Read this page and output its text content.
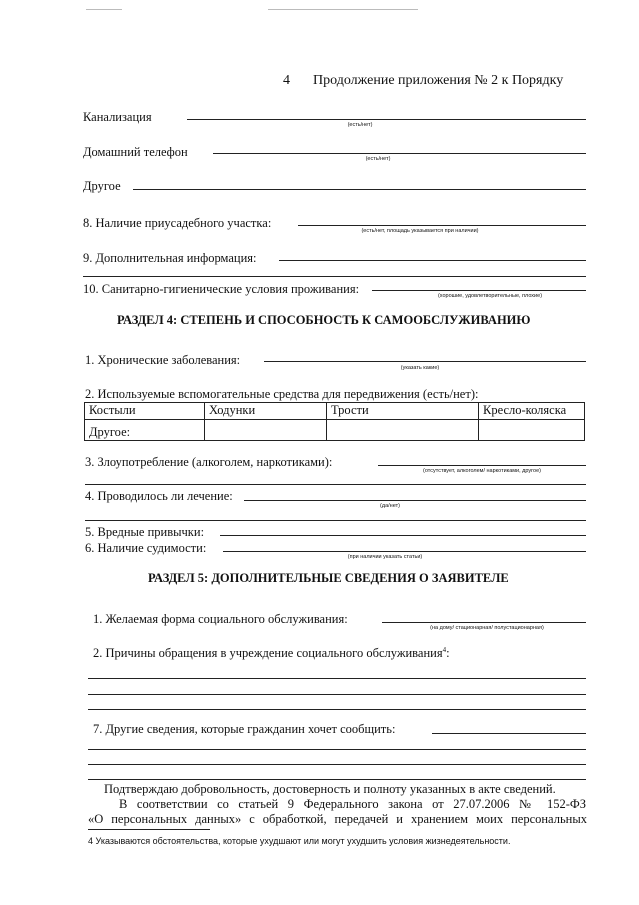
4 Продолжение приложения № 2 к Порядку
Канализация
(есть/нет)
Домашний телефон	(есть/нет)
Другое
8. Наличие приусадебного участка:
(есть/нет, площадь указывается при наличии)
9. Дополнительная информация:
10. Санитарно-гигиенические условия проживания:	(хорошие, удовлетворительные, плохие)
РАЗДЕЛ 4: СТЕПЕНЬ И СПОСОБНОСТЬ К САМООБСЛУЖИВАНИЮ
1. Хронические заболевания:
(указать какие)
2. Используемые вспомогательные средства для передвижения (есть/нет):
Костыли	Ходунки	Трости	Кресло-коляска
Другое:			
3. Злоупотребление (алкоголем, наркотиками):
(отсутствует, алкоголем/ наркотиками, другое)
4. Проводилось ли лечение:
(да/нет)
5. Вредные привычки:
6. Наличие судимости:
(при наличии указать статьи)
РАЗДЕЛ 5: ДОПОЛНИТЕЛЬНЫЕ СВЕДЕНИЯ О ЗАЯВИТЕЛЕ
1. Желаемая форма социального обслуживания:
(на дому/ стационарная/ полустационарная)
2. Причины обращения в учреждение социального обслуживания$^4$:
7. Другие сведения, которые гражданин хочет сообщить:
Подтверждаю добровольность, достоверность и полноту указанных в акте сведений.
В соответствии со статьей 9 Федерального закона от 27.07.2006 № 152-ФЗ
«О персональных данных» с обработкой, передачей и хранением моих персональных
4 Указываются обстоятельства, которые ухудшают или могут ухудшить условия жизнедеятельности.
